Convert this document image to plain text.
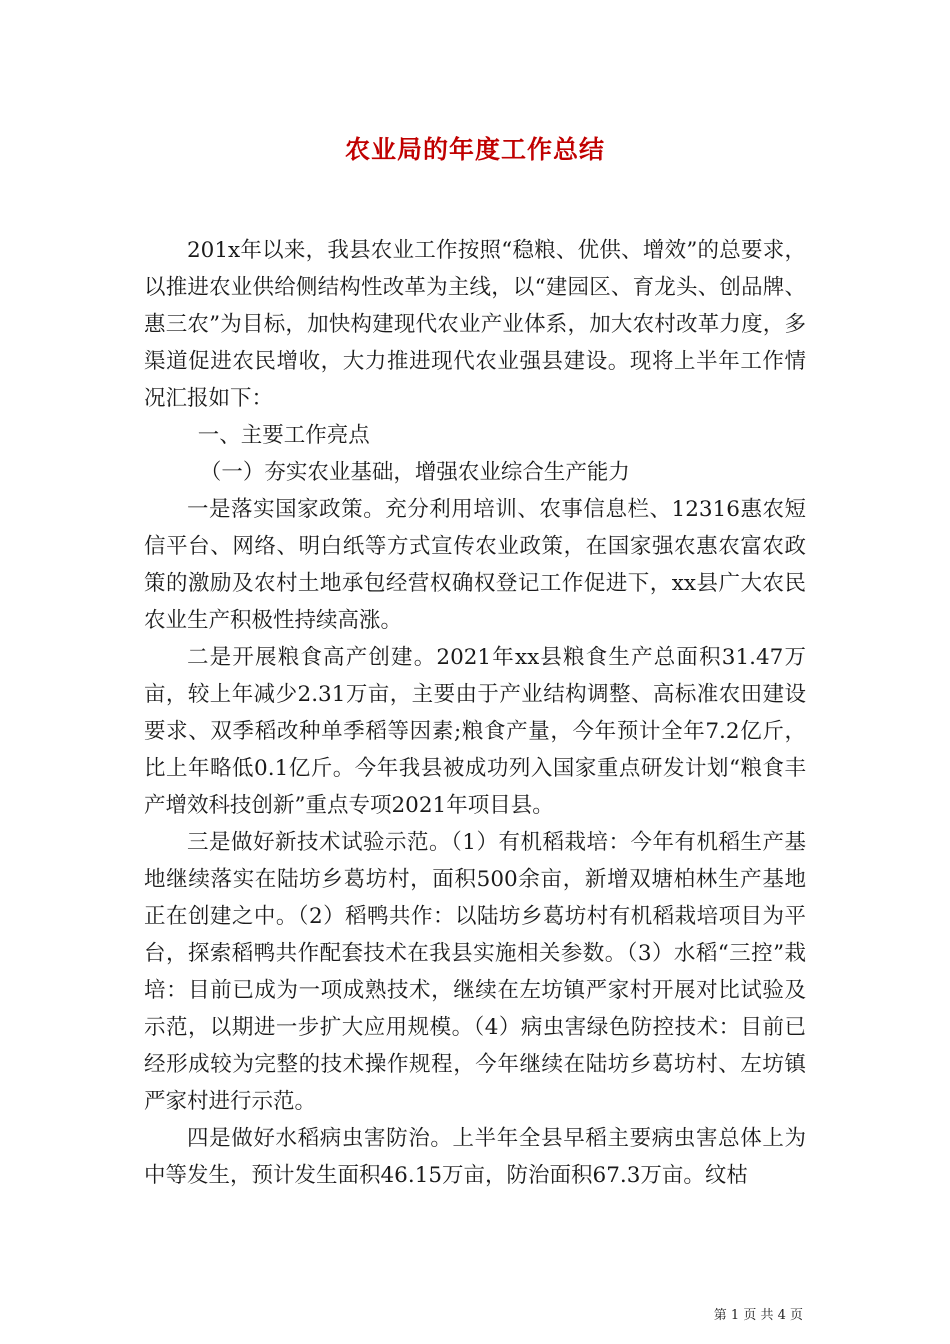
农业局的年度工作总结

201x年以来，我县农业工作按照“稳粮、优供、增效”的总要求，以推进农业供给侧结构性改革为主线，以“建园区、育龙头、创品牌、惠三农”为目标，加快构建现代农业产业体系，加大农村改革力度，多渠道促进农民增收，大力推进现代农业强县建设。现将上半年工作情况汇报如下：

一、主要工作亮点

（一）夯实农业基础，增强农业综合生产能力

一是落实国家政策。充分利用培训、农事信息栏、12316惠农短信平台、网络、明白纸等方式宣传农业政策，在国家强农惠农富农政策的激励及农村土地承包经营权确权登记工作促进下，xx县广大农民农业生产积极性持续高涨。

二是开展粮食高产创建。2021年xx县粮食生产总面积31.47万亩，较上年减少2.31万亩，主要由于产业结构调整、高标准农田建设要求、双季稻改种单季稻等因素;粮食产量，今年预计全年7.2亿斤，比上年略低0.1亿斤。今年我县被成功列入国家重点研发计划“粮食丰产增效科技创新”重点专项2021年项目县。

三是做好新技术试验示范。（1）有机稻栽培：今年有机稻生产基地继续落实在陆坊乡葛坊村，面积500余亩，新增双塘柏林生产基地正在创建之中。（2）稻鸭共作：以陆坊乡葛坊村有机稻栽培项目为平台，探索稻鸭共作配套技术在我县实施相关参数。（3）水稻“三控”栽培：目前已成为一项成熟技术，继续在左坊镇严家村开展对比试验及示范，以期进一步扩大应用规模。（4）病虫害绿色防控技术：目前已经形成较为完整的技术操作规程，今年继续在陆坊乡葛坊村、左坊镇严家村进行示范。

四是做好水稻病虫害防治。上半年全县早稻主要病虫害总体上为中等发生，预计发生面积46.15万亩，防治面积67.3万亩。纹枯

第 1 页 共 4 页
